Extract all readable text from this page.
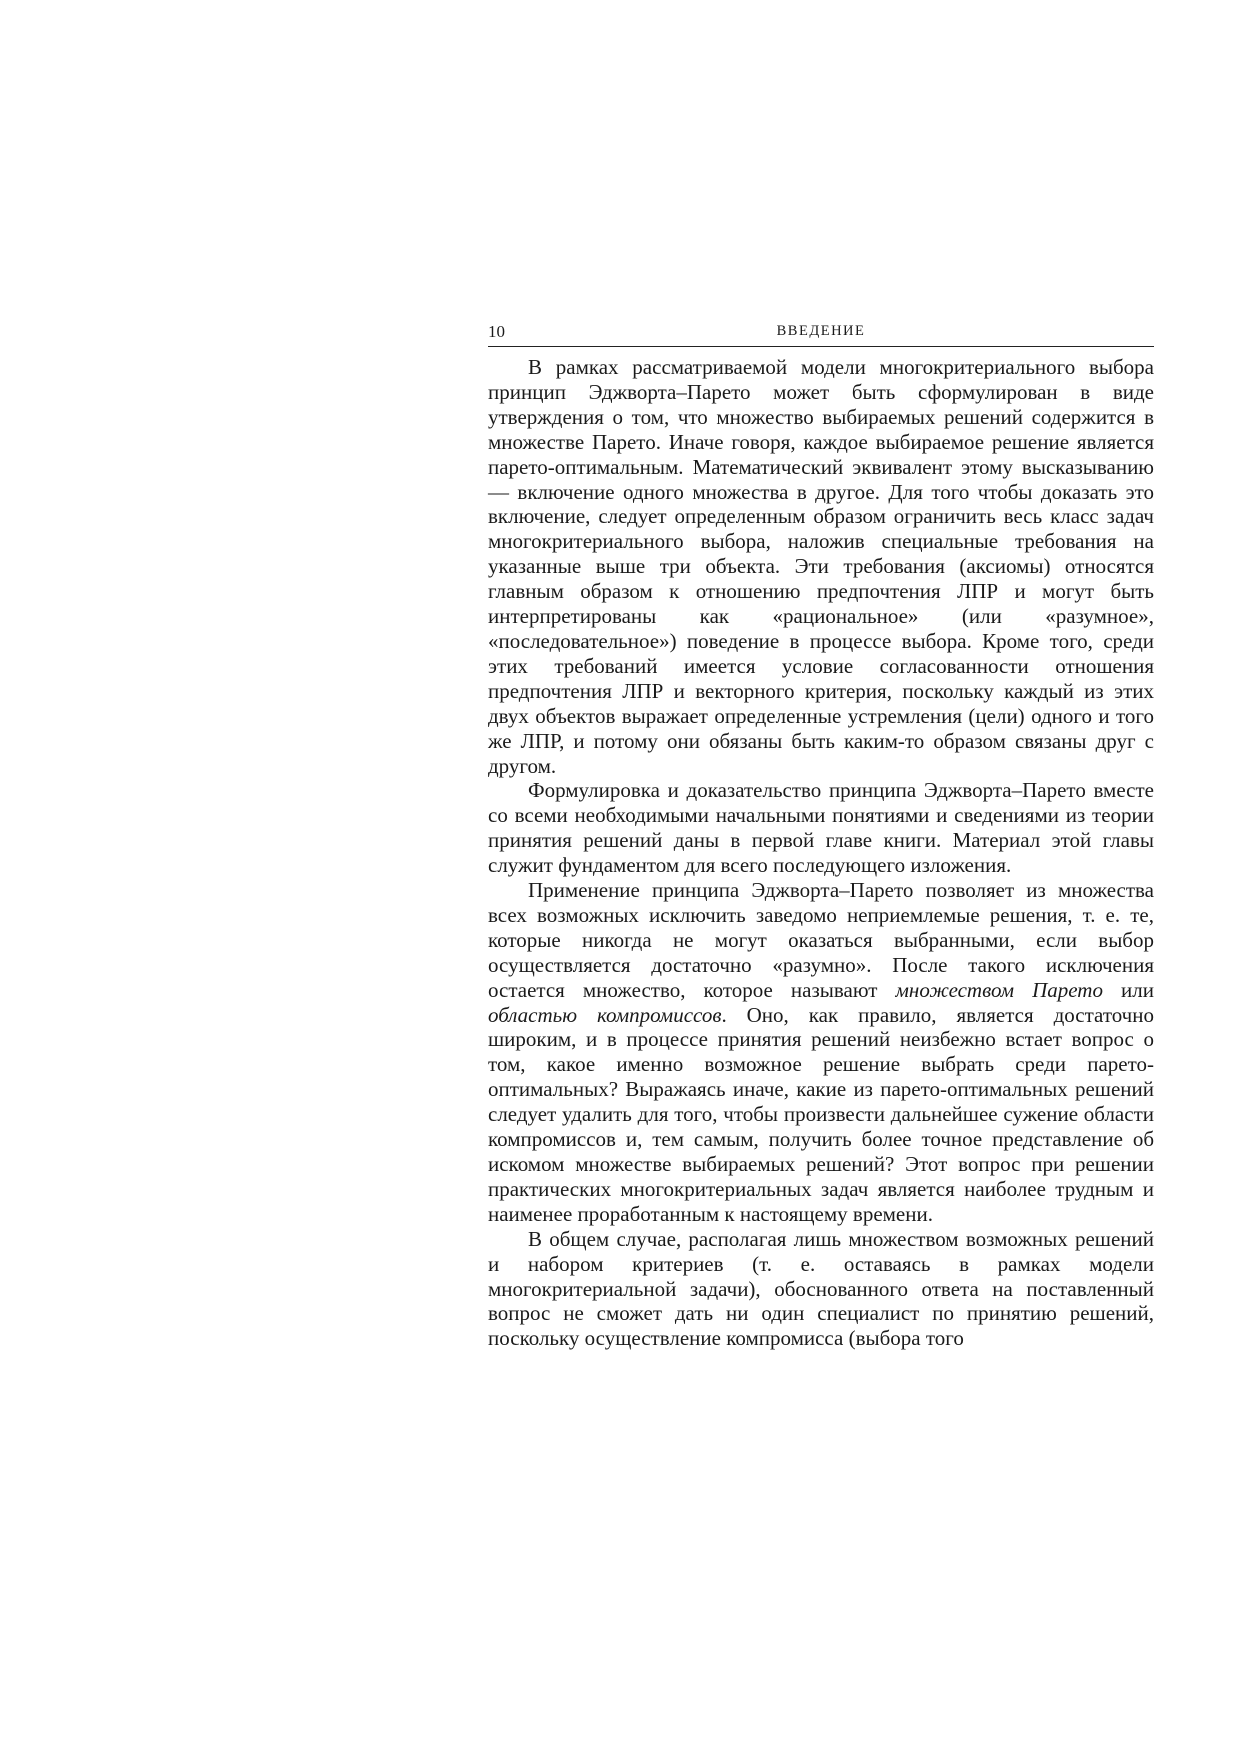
10	ВВЕДЕНИЕ

В рамках рассматриваемой модели многокритериального выбора принцип Эджворта–Парето может быть сформулирован в виде утверждения о том, что множество выбираемых решений содержится в множестве Парето. Иначе говоря, каждое выбираемое решение является парето-оптимальным. Математический эквивалент этому высказыванию — включение одного множества в другое. Для того чтобы доказать это включение, следует определенным образом ограничить весь класс задач многокритериального выбора, наложив специальные требования на указанные выше три объекта. Эти требования (аксиомы) относятся главным образом к отношению предпочтения ЛПР и могут быть интерпретированы как «рациональное» (или «разумное», «последовательное») поведение в процессе выбора. Кроме того, среди этих требований имеется условие согласованности отношения предпочтения ЛПР и векторного критерия, поскольку каждый из этих двух объектов выражает определенные устремления (цели) одного и того же ЛПР, и потому они обязаны быть каким-то образом связаны друг с другом.

Формулировка и доказательство принципа Эджворта–Парето вместе со всеми необходимыми начальными понятиями и сведениями из теории принятия решений даны в первой главе книги. Материал этой главы служит фундаментом для всего последующего изложения.

Применение принципа Эджворта–Парето позволяет из множества всех возможных исключить заведомо неприемлемые решения, т. е. те, которые никогда не могут оказаться выбранными, если выбор осуществляется достаточно «разумно». После такого исключения остается множество, которое называют множеством Парето или областью компромиссов. Оно, как правило, является достаточно широким, и в процессе принятия решений неизбежно встает вопрос о том, какое именно возможное решение выбрать среди парето-оптимальных? Выражаясь иначе, какие из парето-оптимальных решений следует удалить для того, чтобы произвести дальнейшее сужение области компромиссов и, тем самым, получить более точное представление об искомом множестве выбираемых решений? Этот вопрос при решении практических многокритериальных задач является наиболее трудным и наименее проработанным к настоящему времени.

В общем случае, располагая лишь множеством возможных решений и набором критериев (т. е. оставаясь в рамках модели многокритериальной задачи), обоснованного ответа на поставленный вопрос не сможет дать ни один специалист по принятию решений, поскольку осуществление компромисса (выбора того
